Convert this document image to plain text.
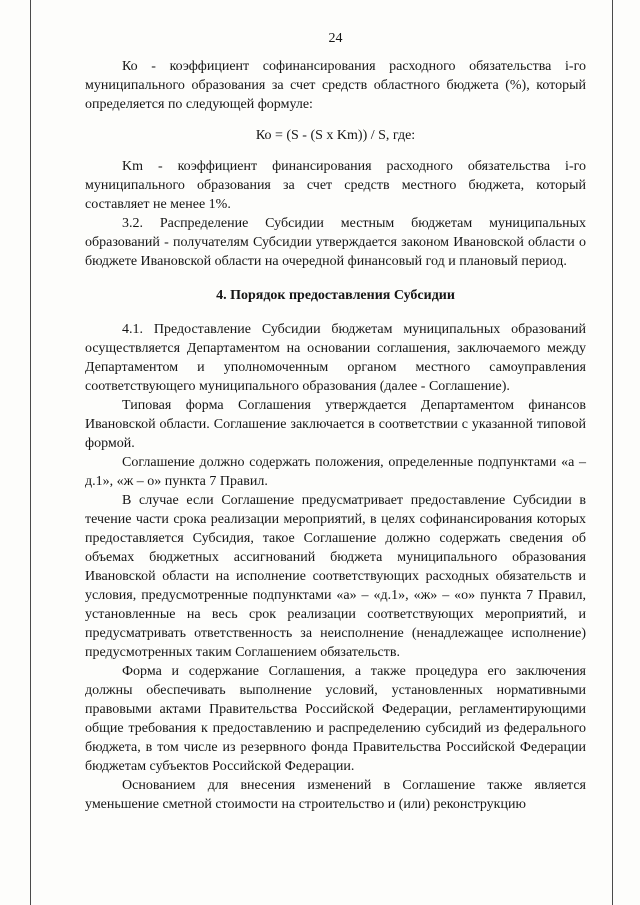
24

Ко - коэффициент софинансирования расходного обязательства i-го муниципального образования за счет средств областного бюджета (%), который определяется по следующей формуле:

Ко = (S - (S x Km)) / S, где:

Km - коэффициент финансирования расходного обязательства i-го муниципального образования за счет средств местного бюджета, который составляет не менее 1%.

3.2. Распределение Субсидии местным бюджетам муниципальных образований - получателям Субсидии утверждается законом Ивановской области о бюджете Ивановской области на очередной финансовый год и плановый период.

4. Порядок предоставления Субсидии

4.1. Предоставление Субсидии бюджетам муниципальных образований осуществляется Департаментом на основании соглашения, заключаемого между Департаментом и уполномоченным органом местного самоуправления соответствующего муниципального образования (далее - Соглашение).

Типовая форма Соглашения утверждается Департаментом финансов Ивановской области. Соглашение заключается в соответствии с указанной типовой формой.

Соглашение должно содержать положения, определенные подпунктами «а – д.1», «ж – о» пункта 7 Правил.

В случае если Соглашение предусматривает предоставление Субсидии в течение части срока реализации мероприятий, в целях софинансирования которых предоставляется Субсидия, такое Соглашение должно содержать сведения об объемах бюджетных ассигнований бюджета муниципального образования Ивановской области на исполнение соответствующих расходных обязательств и условия, предусмотренные подпунктами «а» – «д.1», «ж» – «о» пункта 7 Правил, установленные на весь срок реализации соответствующих мероприятий, и предусматривать ответственность за неисполнение (ненадлежащее исполнение) предусмотренных таким Соглашением обязательств.

Форма и содержание Соглашения, а также процедура его заключения должны обеспечивать выполнение условий, установленных нормативными правовыми актами Правительства Российской Федерации, регламентирующими общие требования к предоставлению и распределению субсидий из федерального бюджета, в том числе из резервного фонда Правительства Российской Федерации бюджетам субъектов Российской Федерации.

Основанием для внесения изменений в Соглашение также является уменьшение сметной стоимости на строительство и (или) реконструкцию
